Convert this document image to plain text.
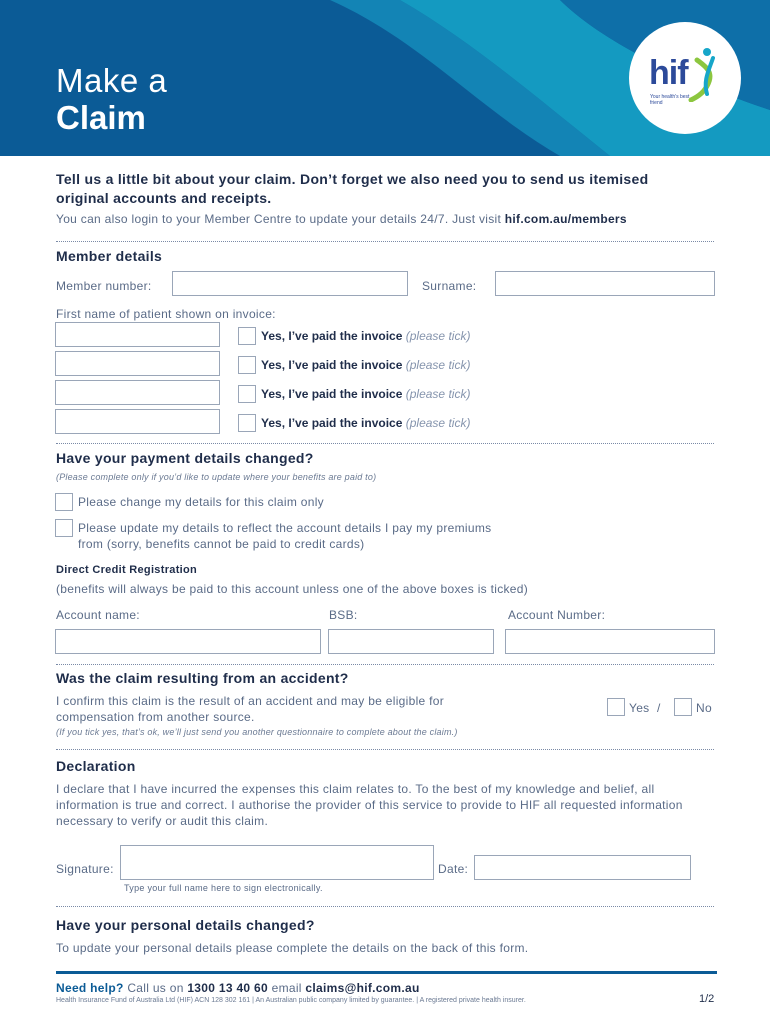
Make a
Claim
hif
Your health's best friend
Tell us a little bit about your claim. Don’t forget we also need you to send us itemised original accounts and receipts.
You can also login to your Member Centre to update your details 24/7. Just visit hif.com.au/members
Member details
Member number:	Surname:
First name of patient shown on invoice:
Yes, I’ve paid the invoice (please tick)
Yes, I’ve paid the invoice (please tick)
Yes, I’ve paid the invoice (please tick)
Yes, I’ve paid the invoice (please tick)
Have your payment details changed?
(Please complete only if you’d like to update where your benefits are paid to)
Please change my details for this claim only
Please update my details to reflect the account details I pay my premiums from (sorry, benefits cannot be paid to credit cards)
Direct Credit Registration
(benefits will always be paid to this account unless one of the above boxes is ticked)
Account name:	BSB:	Account Number:
Was the claim resulting from an accident?
I confirm this claim is the result of an accident and may be eligible for compensation from another source.
Yes /	No
(If you tick yes, that’s ok, we’ll just send you another questionnaire to complete about the claim.)
Declaration
I declare that I have incurred the expenses this claim relates to. To the best of my knowledge and belief, all information is true and correct. I authorise the provider of this service to provide to HIF all requested information necessary to verify or audit this claim.
Signature:	Date:
Type your full name here to sign electronically.
Have your personal details changed?
To update your personal details please complete the details on the back of this form.
Need help? Call us on 1300 13 40 60 email claims@hif.com.au
Health Insurance Fund of Australia Ltd (HIF) ACN 128 302 161 | An Australian public company limited by guarantee. | A registered private health insurer.	1/2
